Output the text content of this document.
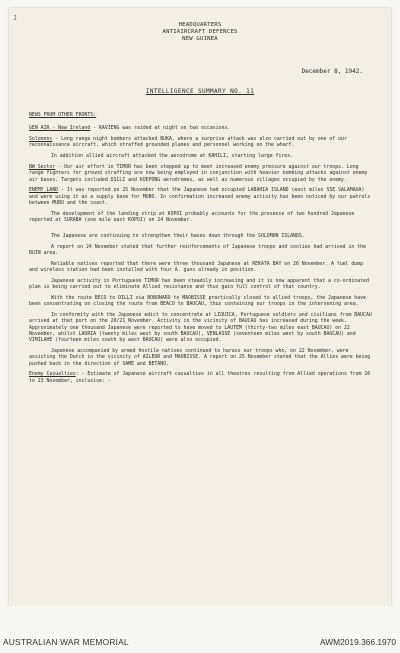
1
HEADQUARTERS
ANTIAIRCRAFT DEFENCES
NEW GUINEA
December 8, 1942.
INTELLIGENCE SUMMARY NO. 11

NEWS FROM OTHER FRONTS:

GEN AIR - New Ireland - KAVIENG was raided at night on two occasions.

Solomons - Long range night bombers attacked BUKA, where a surprise attack was also carried out by one of our reconnaissance aircraft, which straffed grounded planes and personnel working on the wharf.

In addition allied aircraft attacked the aerodrome at KAHILI, starting large fires.

NW Sector - Our air effort in TIMOR has been stepped up to meet increased enemy pressure against our troops. Long range fighters for ground straffing are now being employed in conjunction with heavier bombing attacks against enemy air bases. Targets included DILLI and KOEPONG aerodromes, as well as numerous villages occupied by the enemy.

ENEMY LAND - It was reported on 25 November that the Japanese had occupied LABAHIA ISLAND (east miles SSE SALAMAUA) and were using it as a supply base for MUBO. In confirmation increased enemy activity has been noticed by our patrols between MUBO and the coast.

The development of the landing strip at KOPOI probably accounts for the presence of two hundred Japanese reported at SURABA (one mile east KOPOI) on 24 November.

The Japanese are continuing to strengthen their bases down through the SOLOMON ISLANDS.

A report on 24 November stated that further reinforcements of Japanese troops and coolies had arrived in the BUIN area.

Reliable natives reported that there were three thousand Japanese at REKATA BAY on 26 November. A fuel dump and wireless station had been installed with four A. guns already in position.

Japanese activity in Portuguese TIMOR has been steadily increasing and it is now apparent that a co-ordinated plan is being carried out to eliminate Allied resistance and thus gain full control of that country.

With the route BECO to DILLI via BOBONARO to MAOBISSE practically closed to allied troops, the Japanese have been concentrating on closing the route from BEACO to BAUCAU, thus containing our troops in the intervening area.

In conformity with the Japanese edict to concentrate at LIQUICA, Portuguese soldiers and civilians from BAUCAU arrived at that port on the 20/21 November. Activity in the vicinity of BAUCAU has increased during the week. Approximately one thousand Japanese were reported to have moved to LAUTEM (thirty-two miles east BAUCAU) on 22 November, whilst LAURIA (twenty miles west by south BAUCAU), VENLASSE (seventeen miles west by south BAUCAU) and VIMILAHE (fourteen miles south by west BAUCAU) were also occupied.

Japanese accompanied by armed hostile natives continued to harass our troops who, on 22 November, were assisting the Dutch in the vicinity of AILEUR and MAOBISSE. A report on 25 November stated that the Allies were being pushed back in the direction of SAME and BETANO.

Enemy Casualties: - Estimate of Japanese aircraft casualties in all theatres resulting from Allied operations from 16 to 23 November, inclusive: -

AUSTRALIAN WAR MEMORIAL	AWM2019.366.1970
